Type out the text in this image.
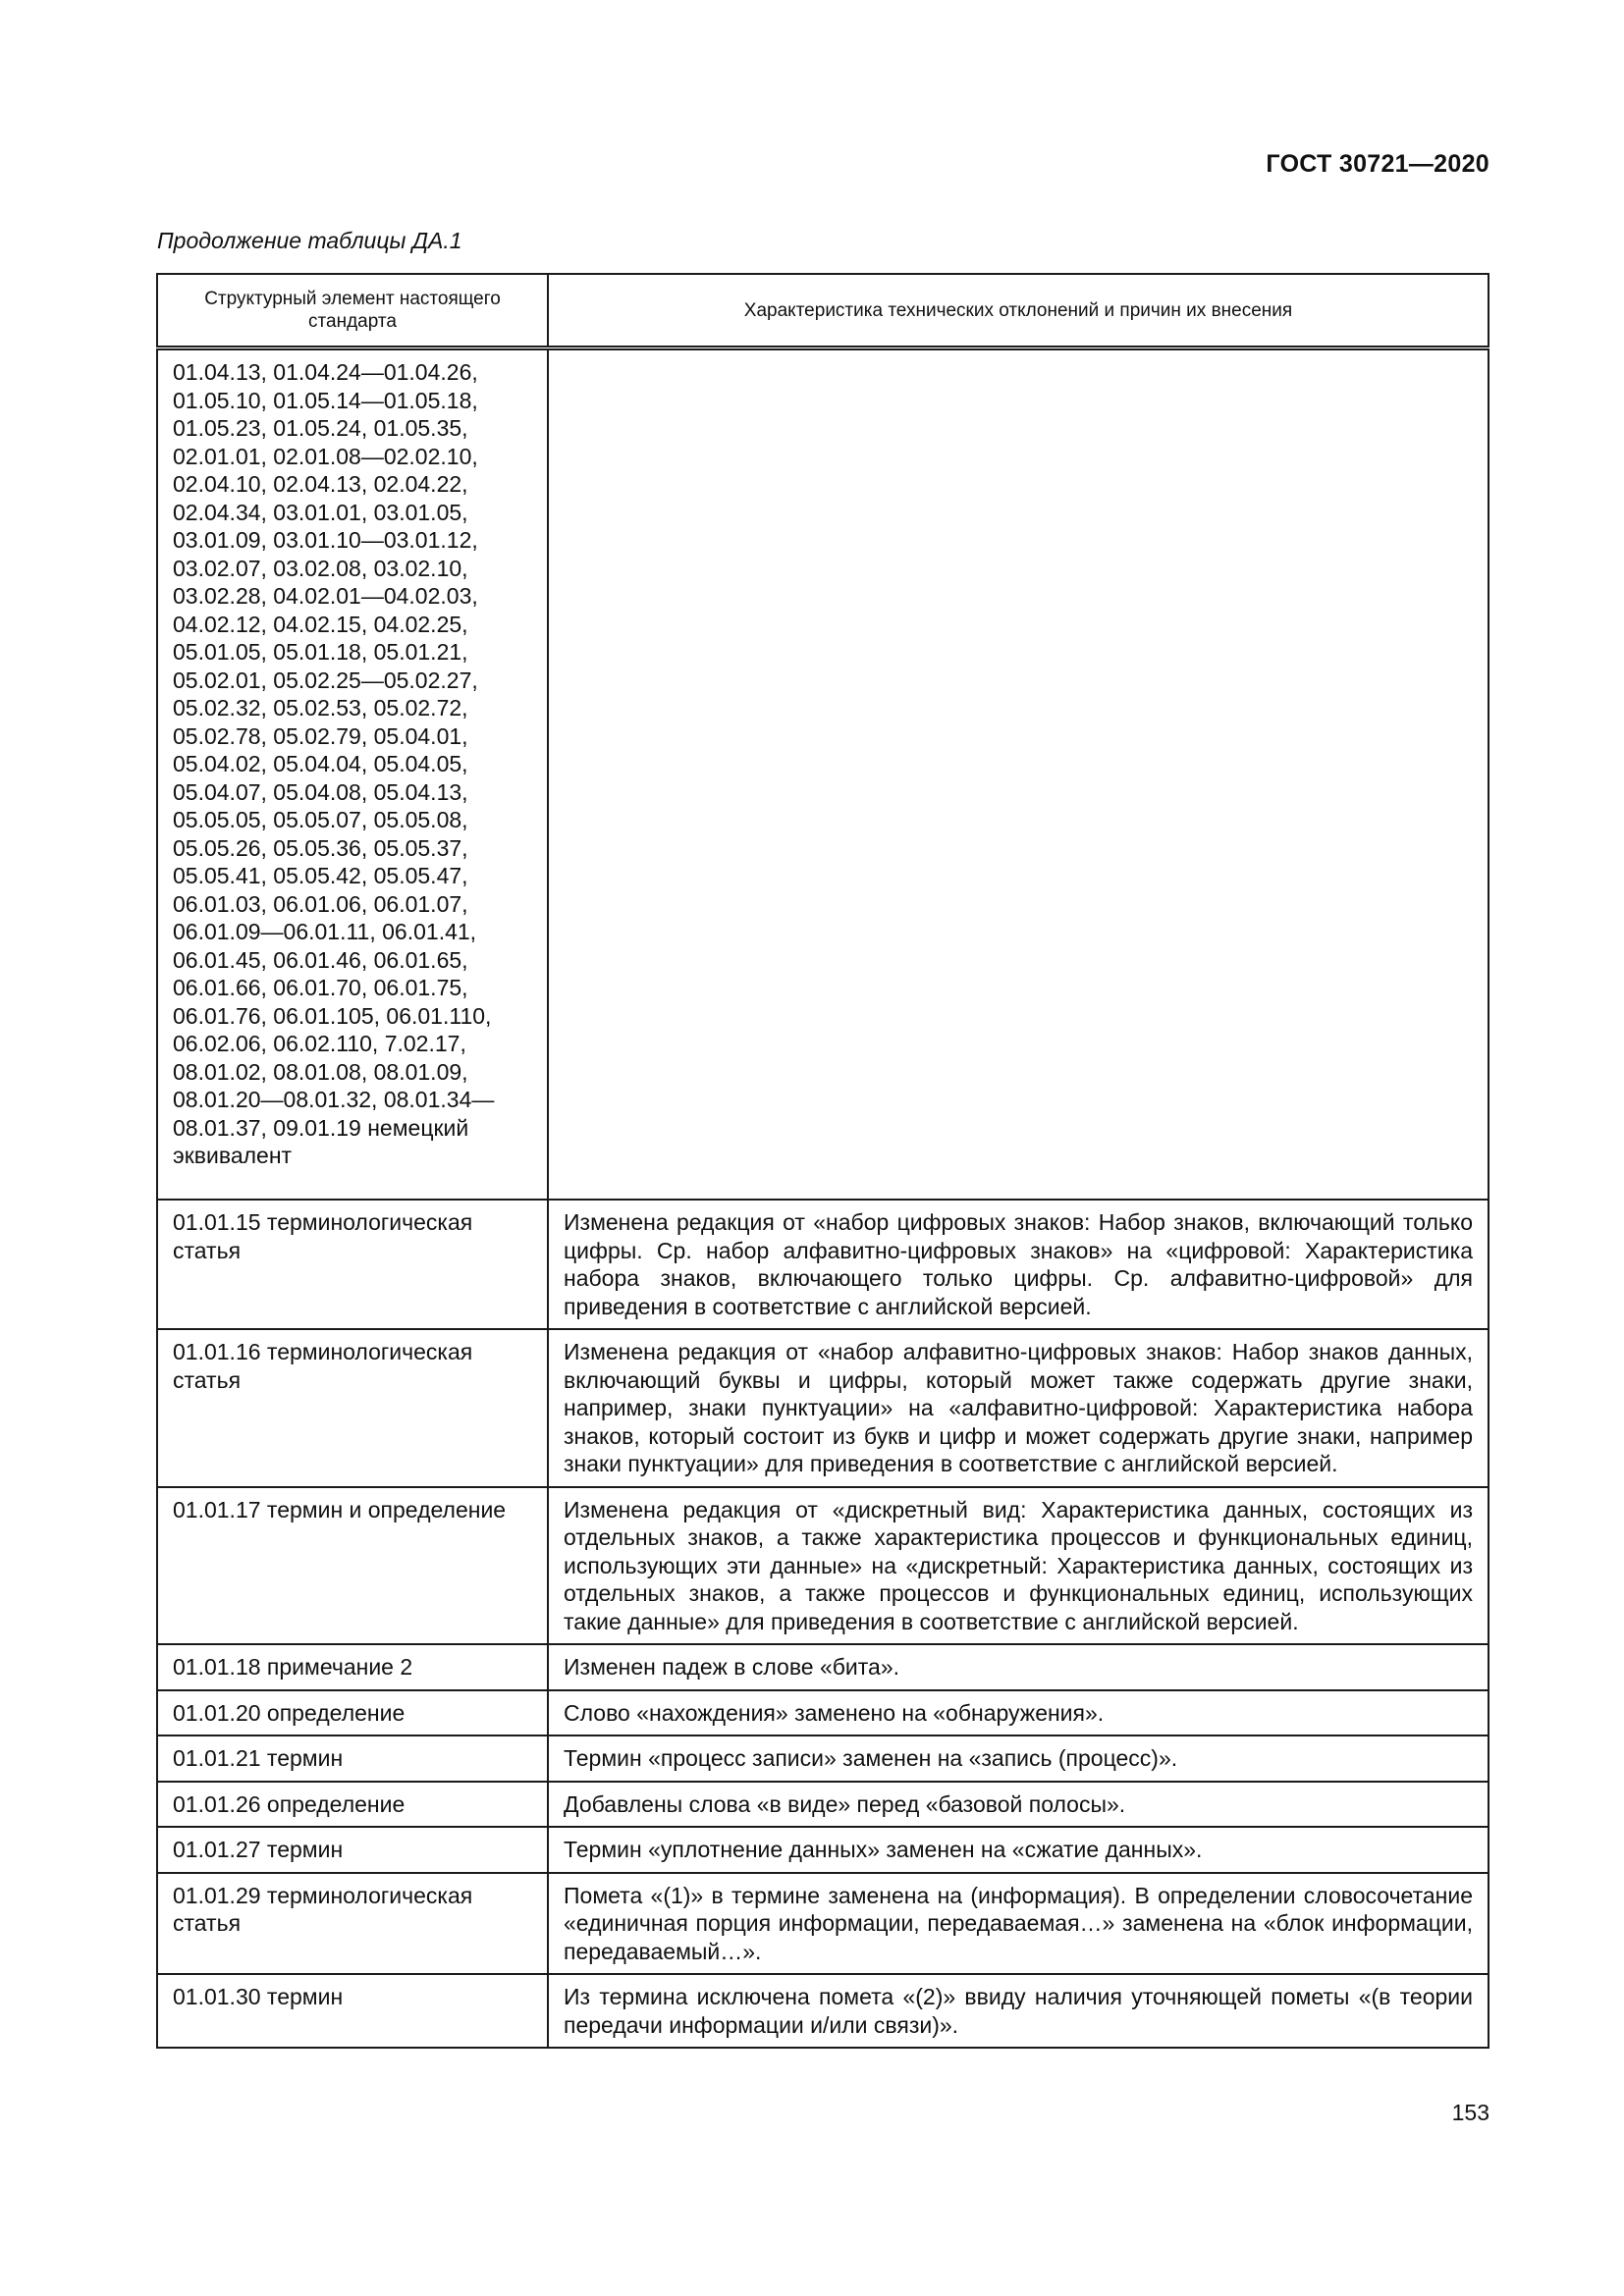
ГОСТ 30721—2020
Продолжение таблицы ДА.1
Структурный элемент настоящего стандарта	Характеристика технических отклонений и причин их внесения
01.04.13, 01.04.24—01.04.26, 01.05.10, 01.05.14—01.05.18, 01.05.23, 01.05.24, 01.05.35, 02.01.01, 02.01.08—02.02.10, 02.04.10, 02.04.13, 02.04.22, 02.04.34, 03.01.01, 03.01.05, 03.01.09, 03.01.10—03.01.12, 03.02.07, 03.02.08, 03.02.10, 03.02.28, 04.02.01—04.02.03, 04.02.12, 04.02.15, 04.02.25, 05.01.05, 05.01.18, 05.01.21, 05.02.01, 05.02.25—05.02.27, 05.02.32, 05.02.53, 05.02.72, 05.02.78, 05.02.79, 05.04.01, 05.04.02, 05.04.04, 05.04.05, 05.04.07, 05.04.08, 05.04.13, 05.05.05, 05.05.07, 05.05.08, 05.05.26, 05.05.36, 05.05.37, 05.05.41, 05.05.42, 05.05.47, 06.01.03, 06.01.06, 06.01.07, 06.01.09—06.01.11, 06.01.41, 06.01.45, 06.01.46, 06.01.65, 06.01.66, 06.01.70, 06.01.75, 06.01.76, 06.01.105, 06.01.110, 06.02.06, 06.02.110, 7.02.17, 08.01.02, 08.01.08, 08.01.09, 08.01.20—08.01.32, 08.01.34—08.01.37, 09.01.19 немецкий эквивалент	
01.01.15 терминологическая статья	Изменена редакция от «набор цифровых знаков: Набор знаков, включающий только цифры. Ср. набор алфавитно-цифровых знаков» на «цифровой: Характеристика набора знаков, включающего только цифры. Ср. алфавитно-цифровой» для приведения в соответствие с английской версией.
01.01.16 терминологическая статья	Изменена редакция от «набор алфавитно-цифровых знаков: Набор знаков данных, включающий буквы и цифры, который может также содержать другие знаки, например, знаки пунктуации» на «алфавитно-цифровой: Характеристика набора знаков, который состоит из букв и цифр и может содержать другие знаки, например знаки пунктуации» для приведения в соответствие с английской версией.
01.01.17 термин и определение	Изменена редакция от «дискретный вид: Характеристика данных, состоящих из отдельных знаков, а также характеристика процессов и функциональных единиц, использующих эти данные» на «дискретный: Характеристика данных, состоящих из отдельных знаков, а также процессов и функциональных единиц, использующих такие данные» для приведения в соответствие с английской версией.
01.01.18 примечание 2	Изменен падеж в слове «бита».
01.01.20 определение	Слово «нахождения» заменено на «обнаружения».
01.01.21 термин	Термин «процесс записи» заменен на «запись (процесс)».
01.01.26 определение	Добавлены слова «в виде» перед «базовой полосы».
01.01.27 термин	Термин «уплотнение данных» заменен на «сжатие данных».
01.01.29 терминологическая статья	Помета «(1)» в термине заменена на (информация). В определении словосочетание «единичная порция информации, передаваемая…» заменена на «блок информации, передаваемый…».
01.01.30 термин	Из термина исключена помета «(2)» ввиду наличия уточняющей пометы «(в теории передачи информации и/или связи)».
153
